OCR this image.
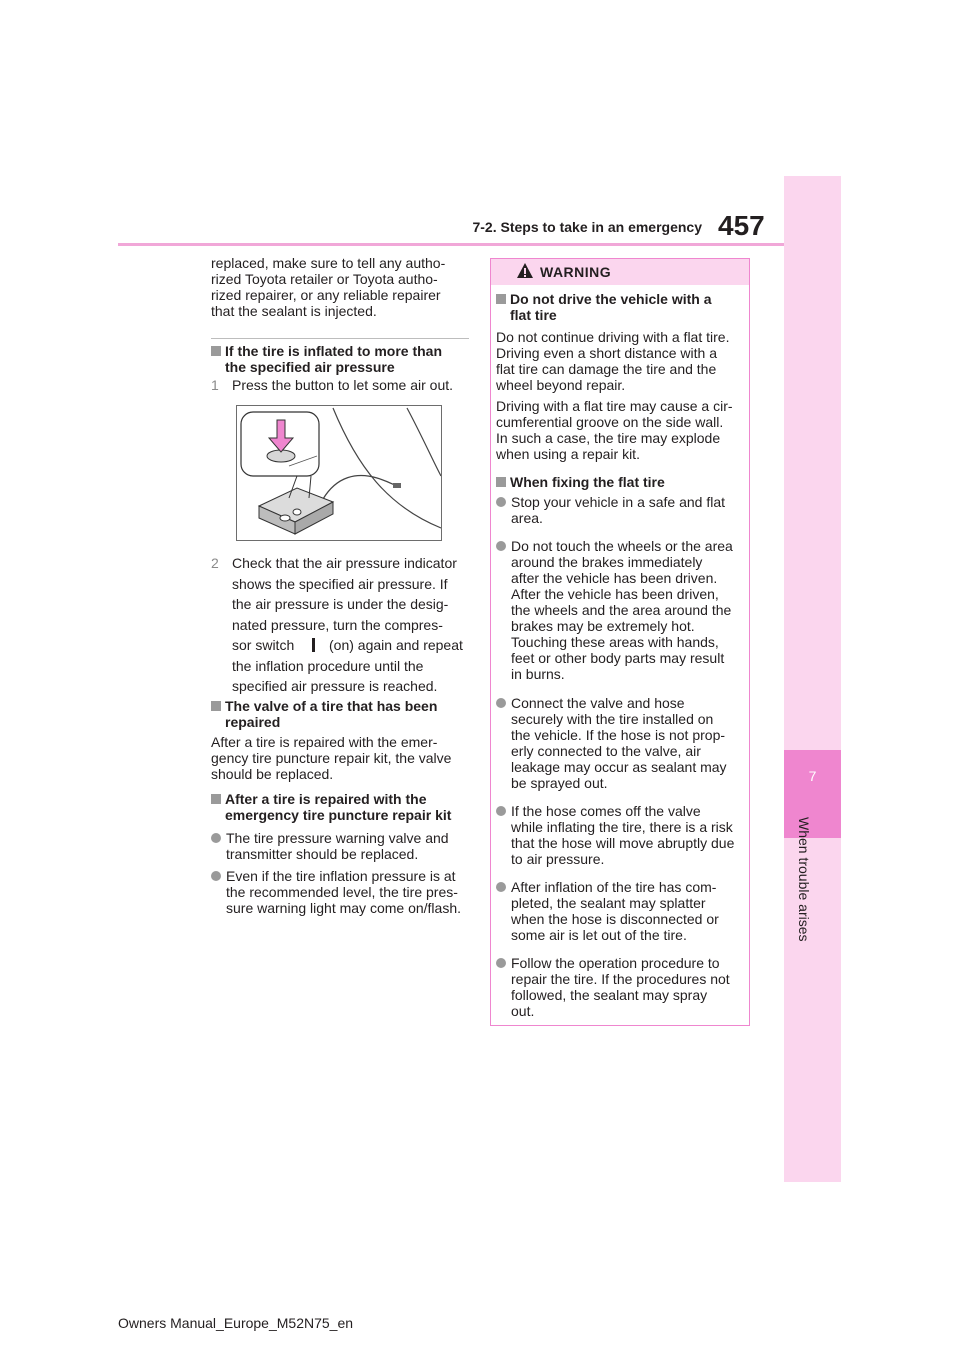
7
When trouble arises
7-2. Steps to take in an emergency 457
replaced, make sure to tell any autho-
rized Toyota retailer or Toyota autho-
rized repairer, or any reliable repairer
that the sealant is injected.
If the tire is inflated to more than
the specified air pressure
1 Press the button to let some air out.
2 Check that the air pressure indicator
shows the specified air pressure. If
the air pressure is under the desig-
nated pressure, turn the compres-
sor switch (on) again and repeat
the inflation procedure until the
specified air pressure is reached.
The valve of a tire that has been
repaired
After a tire is repaired with the emer-
gency tire puncture repair kit, the valve
should be replaced.
After a tire is repaired with the
emergency tire puncture repair kit
The tire pressure warning valve and
transmitter should be replaced.
Even if the tire inflation pressure is at
the recommended level, the tire pres-
sure warning light may come on/flash.
WARNING
Do not drive the vehicle with a
flat tire
Do not continue driving with a flat tire.
Driving even a short distance with a
flat tire can damage the tire and the
wheel beyond repair.
Driving with a flat tire may cause a cir-
cumferential groove on the side wall.
In such a case, the tire may explode
when using a repair kit.
When fixing the flat tire
Stop your vehicle in a safe and flat
area.
Do not touch the wheels or the area
around the brakes immediately
after the vehicle has been driven.
After the vehicle has been driven,
the wheels and the area around the
brakes may be extremely hot.
Touching these areas with hands,
feet or other body parts may result
in burns.
Connect the valve and hose
securely with the tire installed on
the vehicle. If the hose is not prop-
erly connected to the valve, air
leakage may occur as sealant may
be sprayed out.
If the hose comes off the valve
while inflating the tire, there is a risk
that the hose will move abruptly due
to air pressure.
After inflation of the tire has com-
pleted, the sealant may splatter
when the hose is disconnected or
some air is let out of the tire.
Follow the operation procedure to
repair the tire. If the procedures not
followed, the sealant may spray
out.
Owners Manual_Europe_M52N75_en
